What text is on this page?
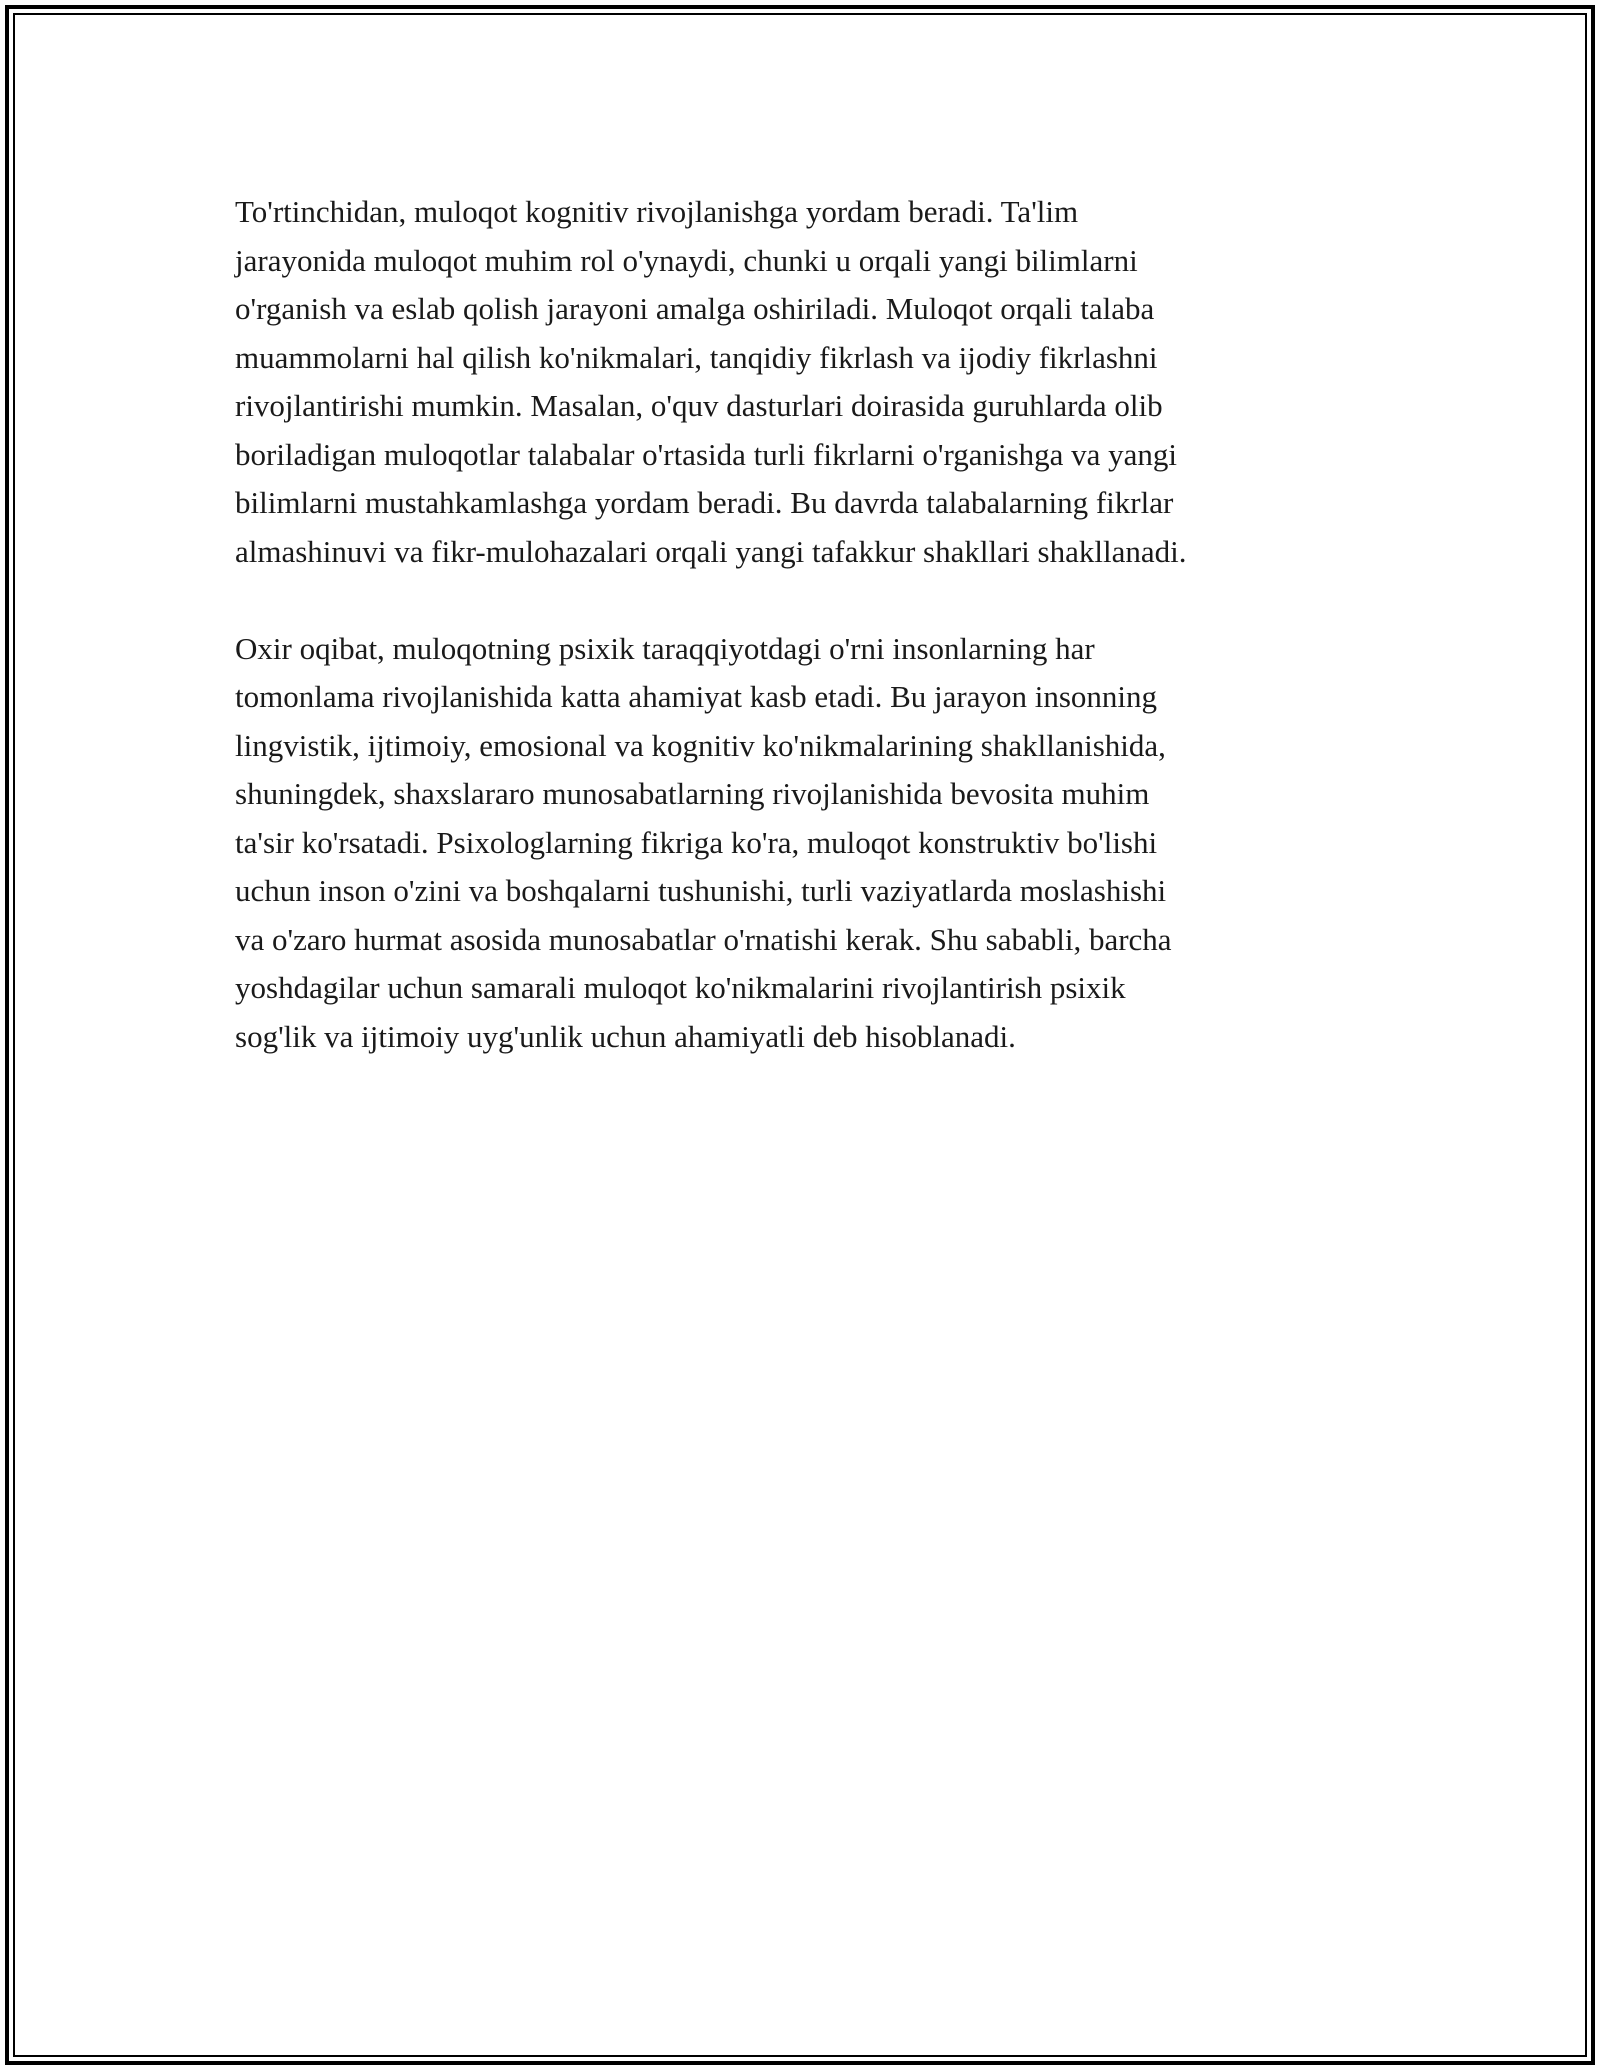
To'rtinchidan, muloqot kognitiv rivojlanishga yordam beradi. Ta'lim
jarayonida muloqot muhim rol o'ynaydi, chunki u orqali yangi bilimlarni
o'rganish va eslab qolish jarayoni amalga oshiriladi. Muloqot orqali talaba
muammolarni hal qilish ko'nikmalari, tanqidiy fikrlash va ijodiy fikrlashni
rivojlantirishi mumkin. Masalan, o'quv dasturlari doirasida guruhlarda olib
boriladigan muloqotlar talabalar o'rtasida turli fikrlarni o'rganishga va yangi
bilimlarni mustahkamlashga yordam beradi. Bu davrda talabalarning fikrlar
almashinuvi va fikr-mulohazalari orqali yangi tafakkur shakllari shakllanadi.

Oxir oqibat, muloqotning psixik taraqqiyotdagi o'rni insonlarning har
tomonlama rivojlanishida katta ahamiyat kasb etadi. Bu jarayon insonning
lingvistik, ijtimoiy, emosional va kognitiv ko'nikmalarining shakllanishida,
shuningdek, shaxslararo munosabatlarning rivojlanishida bevosita muhim
ta'sir ko'rsatadi. Psixologlarning fikriga ko'ra, muloqot konstruktiv bo'lishi
uchun inson o'zini va boshqalarni tushunishi, turli vaziyatlarda moslashishi
va o'zaro hurmat asosida munosabatlar o'rnatishi kerak. Shu sababli, barcha
yoshdagilar uchun samarali muloqot ko'nikmalarini rivojlantirish psixik
sog'lik va ijtimoiy uyg'unlik uchun ahamiyatli deb hisoblanadi.
